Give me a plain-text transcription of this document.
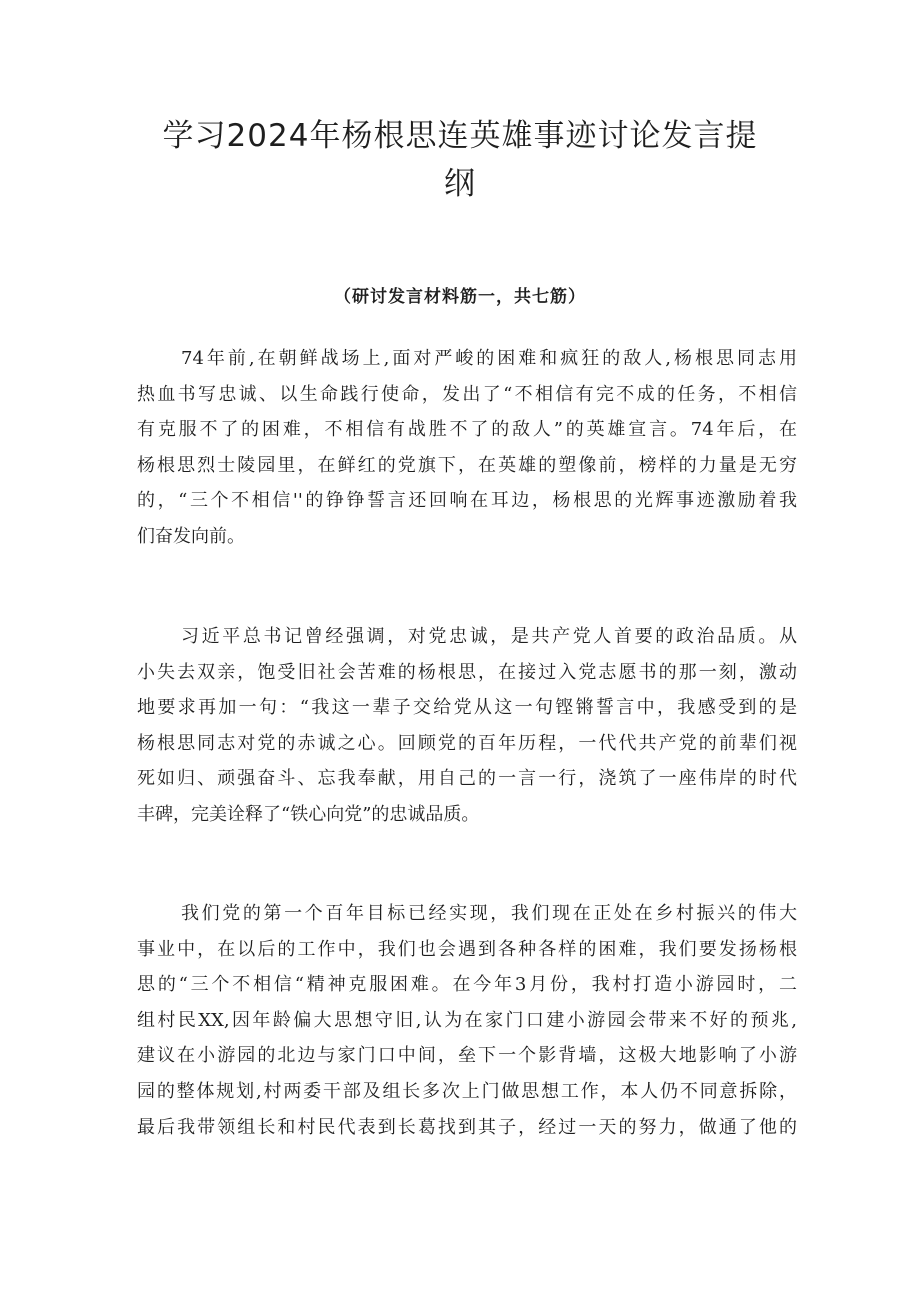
学习2024年杨根思连英雄事迹讨论发言提
纲

（研讨发言材料筋一，共七筋）

74年前,在朝鲜战场上,面对严峻的困难和疯狂的敌人,杨根思同志用
热血书写忠诚、以生命践行使命，发出了“不相信有完不成的任务，不相信
有克服不了的困难，不相信有战胜不了的敌人”的英雄宣言。74年后，在
杨根思烈士陵园里，在鲜红的党旗下，在英雄的塑像前，榜样的力量是无穷
的，“三个不相信''的铮铮誓言还回响在耳边，杨根思的光辉事迹激励着我
们奋发向前。
习近平总书记曾经强调，对党忠诚，是共产党人首要的政治品质。从
小失去双亲，饱受旧社会苦难的杨根思，在接过入党志愿书的那一刻，激动
地要求再加一句：“我这一辈子交给党从这一句铿锵誓言中，我感受到的是
杨根思同志对党的赤诚之心。回顾党的百年历程，一代代共产党的前辈们视
死如归、顽强奋斗、忘我奉献，用自己的一言一行，浇筑了一座伟岸的时代
丰碑，完美诠释了“铁心向党”的忠诚品质。
我们党的第一个百年目标已经实现，我们现在正处在乡村振兴的伟大
事业中，在以后的工作中，我们也会遇到各种各样的困难，我们要发扬杨根
思的“三个不相信“精神克服困难。在今年3月份，我村打造小游园时，二
组村民XX,因年龄偏大思想守旧,认为在家门口建小游园会带来不好的预兆,
建议在小游园的北边与家门口中间，垒下一个影背墙，这极大地影响了小游
园的整体规划,村两委干部及组长多次上门做思想工作，本人仍不同意拆除，
最后我带领组长和村民代表到长葛找到其子，经过一天的努力，做通了他的
